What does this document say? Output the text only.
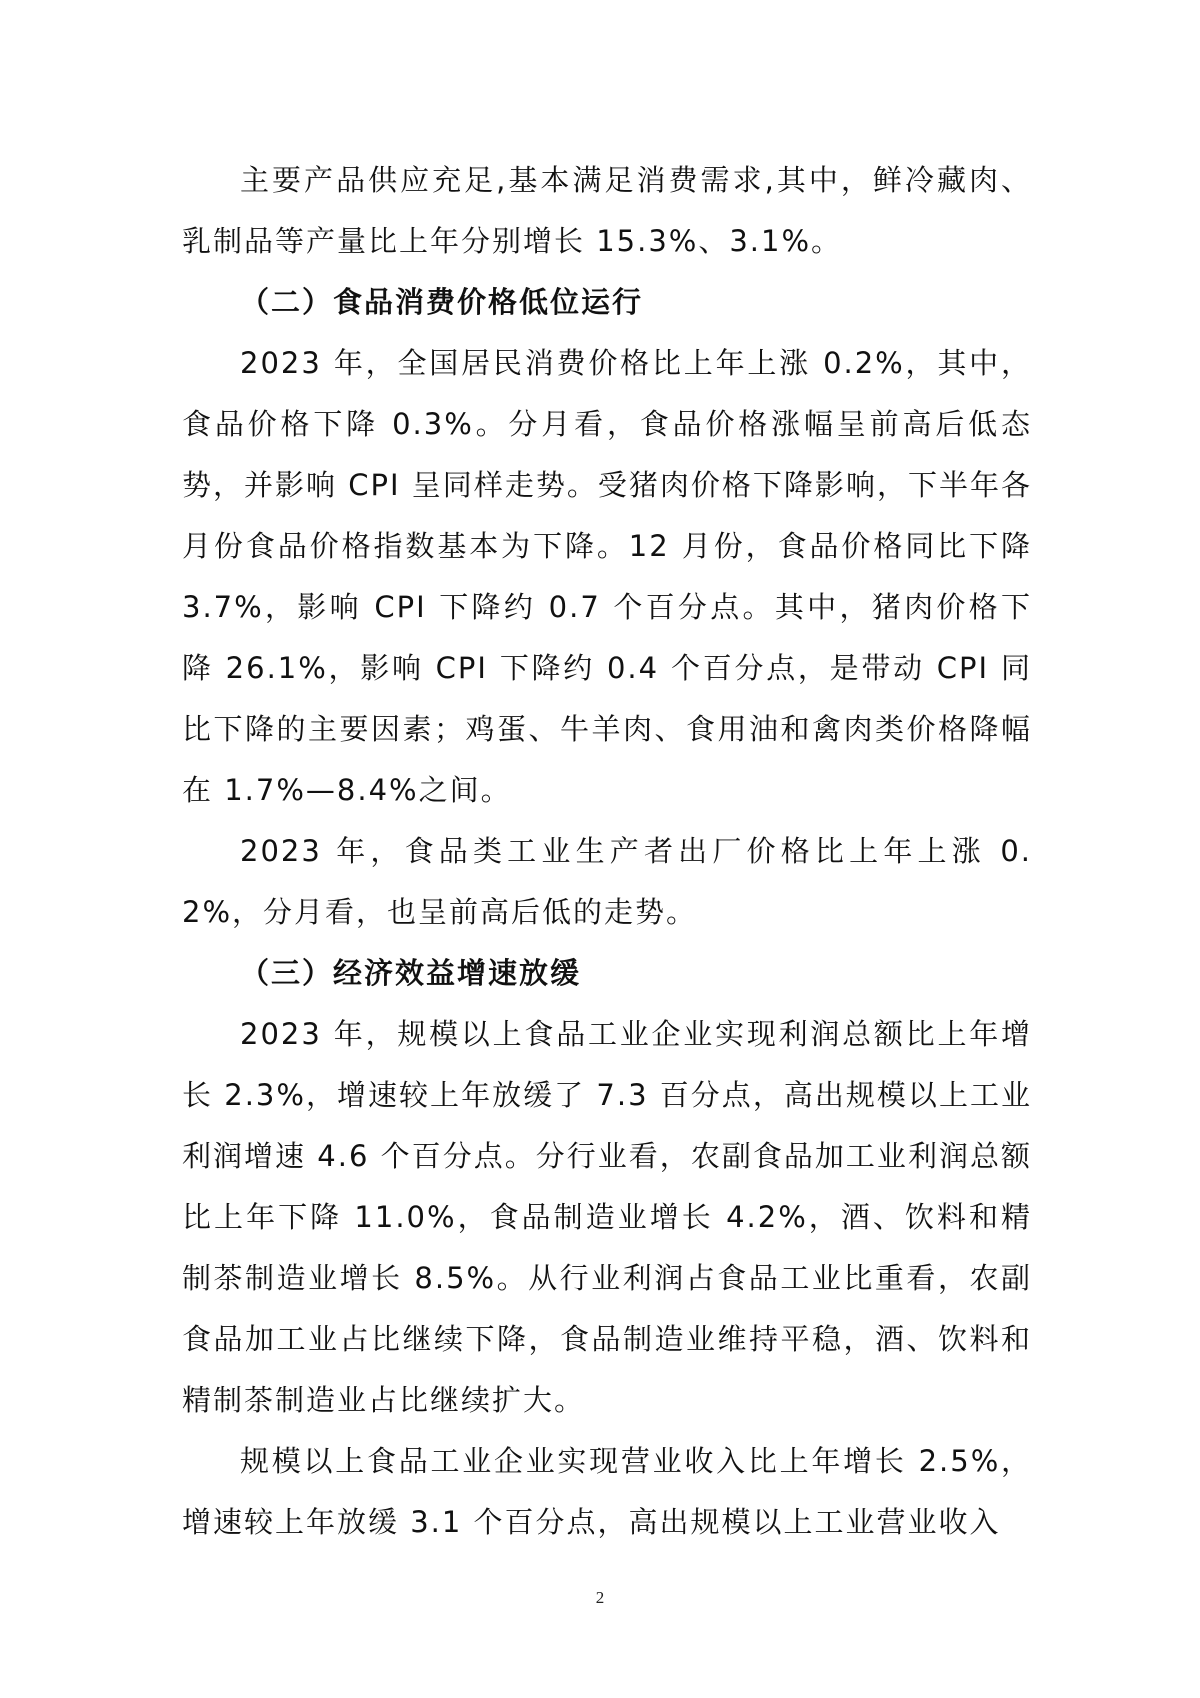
主要产品供应充足,基本满足消费需求,其中，鲜冷藏肉、乳制品等产量比上年分别增长 15.3%、3.1%。

（二）食品消费价格低位运行

2023 年，全国居民消费价格比上年上涨 0.2%，其中，食品价格下降 0.3%。分月看，食品价格涨幅呈前高后低态势，并影响 CPI 呈同样走势。受猪肉价格下降影响，下半年各月份食品价格指数基本为下降。12 月份，食品价格同比下降 3.7%，影响 CPI 下降约 0.7 个百分点。其中，猪肉价格下降 26.1%，影响 CPI 下降约 0.4 个百分点，是带动 CPI 同比下降的主要因素；鸡蛋、牛羊肉、食用油和禽肉类价格降幅在 1.7%—8.4%之间。

2023 年，食品类工业生产者出厂价格比上年上涨 0.2%，分月看，也呈前高后低的走势。

（三）经济效益增速放缓

2023 年，规模以上食品工业企业实现利润总额比上年增长 2.3%，增速较上年放缓了 7.3 百分点，高出规模以上工业利润增速 4.6 个百分点。分行业看，农副食品加工业利润总额比上年下降 11.0%，食品制造业增长 4.2%，酒、饮料和精制茶制造业增长 8.5%。从行业利润占食品工业比重看，农副食品加工业占比继续下降，食品制造业维持平稳，酒、饮料和精制茶制造业占比继续扩大。

规模以上食品工业企业实现营业收入比上年增长 2.5%，增速较上年放缓 3.1 个百分点，高出规模以上工业营业收入

2
